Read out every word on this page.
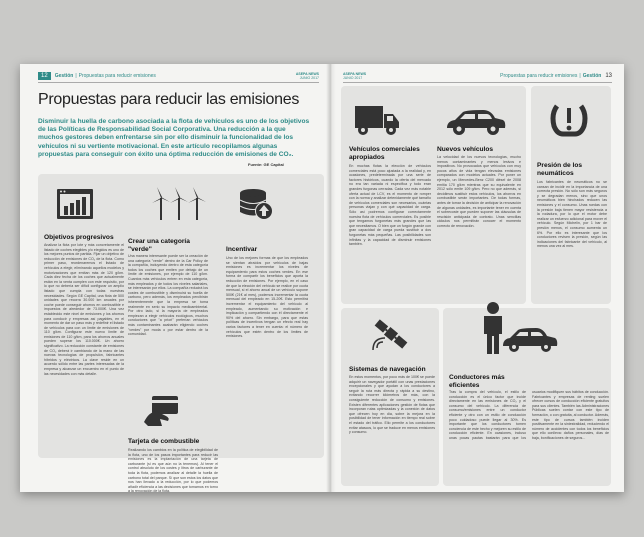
12	Gestión | Propuestas para reducir emisiones	ASEPA NEWS
JUNIO 2017
Propuestas para reducir las emisiones
Disminuir la huella de carbono asociada a la flota de vehículos es uno de los objetivos de las Políticas de Responsabilidad Social Corporativa. Una reducción a la que muchos gestores deben enfrentarse sin por ello disminuir la funcionalidad de los vehículos ni su vertiente motivacional. En este artículo recopilamos algunas propuestas para conseguir con éxito una óptima reducción de emisiones de CO₂.
Fuente: GE Capital
Objetivos progresivos
Analizar la flota por lote y más concretamente el listado de coches elegibles y/o elegidos es uno de los mejores puntos de partida. Fijar un objetivo de reducción de emisiones de CO₂ de la flota. Como primer paso, reordenaremos el listado de vehículos a elegir, eliminando aquellos modelos y motorizaciones que emitan más de 120 g/km. Cada diez fecha de los coches que actualmente están en la venta cumplen con este requisito, por lo que no debería ser difícil configurar un amplio listado que cumpla con todas nuestras necesidades. Según GE Capital, una flota de 500 unidades que recorra 30.000 km anuales por coche puede conseguir ahorros en combustible e impuestos de alrededor de 73.000€. Una vez establecido este nivel de emisiones y los ahorros para conducir y empresas así pagables, en el momento de dar un paso más y redefinir el listado de vehículos para con un límite de emisiones de 110 g/km. Configurar este nuevo límite de emisiones de 110 g/km, para los ahorros anuales pueden superar los 110.000€. Un ahorro significativo. La reducción constante de emisiones de CO₂ deberá ir cambiando de la mano de las nuevas tecnologías de propulsión, fabricantes híbridos y eléctricos. La clave reside en un acuerdo sólido entre las partes interesadas de la empresa y alcanzar un encuentro en el punto de las necesidades con más detalle.
Crear una categoría "verde"
Una manera interesante puede ser la creación de una categoría "verde" dentro de la Car Policy de la compañía, incluyendo dentro de esta categoría todos los coches que emiten por debajo de un límite de emisiones, por ejemplo de 110 g/km. Cuantos más vehículos entren en esta categoría, más empleados y de todos los niveles salariales, se interesarán por ellos. La compañía reducirá los costes de combustible y disminuirá su huella de carbono, pero además, los empleados percibirán inherentemente que la empresa se toma realmente en serio su impacto medioambiental. Por otro lado, si la mayoría de empleados empiezan a elegir vehículos ecológicos, muchos conductores que "a priori" preferían vehículos más contaminantes acabarán eligiendo coches "verdes" por moda o por estar dentro de la comunidad.
Incentivar
Uno de los mejores formas de que los empleados se sientan atraídos por vehículos de bajas emisiones es incrementar los niveles de equipamiento para estos coches verdes. En ese forma de compartir los beneficios que aporta la reducción de emisiones. Por ejemplo, en el caso de que la elección del vehículo se realice por cuota mensual, si el ahorro anual de un vehículo supone 500€ (21€ al mes), podemos incrementar la cuota mensual del empleado en 15-20€. Esto permitirá incrementar el equipamiento del vehículo al empleado, aumentando su motivación e implicación y compartiendo con él directamente el 90% del ahorro. Sin embargo, para que estas políticas de incentivos tengan un efecto real hay varios factores a tener en cuenta: el número de vehículos que estén dentro de los límites de emisiones.
Tarjeta de combustible
Realizando los cambios en la política de elegibilidad de la flota, uno de los pasos importantes para reducir las emisiones es la implantación de una tarjeta de carburante (si es que aún no la tenemos). Al tener el control absoluto de los costes y litros de carburante de toda la flota, podemos analizar al detalle la huella de carbono total del parque. Sí que son estos los datos que nos han llevado a la reducción, por lo que podemos añadir eficiencia a las decisiones que tomamos en torno a la renovación de la flota.
ASEPA NEWS
JUNIO 2017	Propuestas para reducir emisiones | Gestión 13
Vehículos comerciales apropiados
En muchas flotas la elección de vehículos comerciales está poco ajustada a la realidad y, en ocasiones, predeterminada por una serie de factores históricos, cuando la oferta del mercado no era tan variada ni específica y todo eran grandes furgonas cerradas. Cada vez más notable oferta actual de LCV, es el momento de romper con la norma y analizar detenidamente qué tamaño de vehículos comerciales son necesarios, cuántas personas viajan y con qué capacidad de carga. Sólo así podremos configurar correctamente nuestra flota de vehículos comerciales. Es posible que tengamos furgonetas más grandes que las que necesitamos. O bien que un furgón grande con gran capacidad de carga pueda sustituir a dos furgonetas más pequeñas. Las posibilidades son infinitas y la capacidad de disminuir emisiones también.
Nuevos vehículos
La velocidad de los nuevos tecnologías, mucho menos contaminantes y menos lesivos e impositivos. No provocados que vehículos con muy pocos años de vida tengan elevadas emisiones comparados con modelos actuales. Por poner un ejemplo, un Mercedes-Benz C200 diésel de 2008 emitía 170 g/km mientras que su equivalente en 2012 sólo emite 109 g/km. Pero no que además, si decidimos sustituir estos vehículos, los ahorros en combustible serán importantes. De todas formas, antes de tomar la decisión de anticipar la renovación de algunas unidades, es importante tener en cuenta el sobrecoste que pueden suponer las cláusulas de rescisión anticipada de contrato. Unas sencillas cálculos nos permitirán conocer el momento correcto de renovación.
Presión de los neumáticos
Los fabricantes de neumáticos no se cansan de incidir en la importancia de una correcta presión. No sólo son más seguros y se degradan menos, sino que unos neumáticos bien hinchados reducen las emisiones y el consumo. Unas ruedas con la presión baja tienen mayor resistencia a la rodadura, por lo que el motor debe realizar un esfuerzo adicional para mover el vehículo. Según Michelin, por 1 bar de presión menos, el consumo aumenta un 6%. Por ello es interesante que los conductores revisen la presión, según las indicaciones del fabricante del vehículo, al menos una vez al mes.
Sistemas de navegación
En estos momentos, por poco más de 100€ se puede adquirir un navegador portátil con unas prestaciones excepcionales y que ayudan a los conductores a seguir la ruta más directa y rápida a su destino, evitando recorrer kilómetros de más, con la consiguiente reducción de consumo y emisiones. Existen diferentes aplicaciones gestión de flotas que incorporan rutas optimizadas y la conexión de datos que ofrecen hoy en día, sobre la mejora en la posibilidad de tener información en tiempo real sobre el estado del tráfico. Ello permite a los conductores evitar atascos, lo que se traduce en menos emisiones y consumo.
Conductores más eficientes
Tras la compra del vehículo, el estilo de conducción es el único factor que incide directamente en las emisiones de CO₂ y el consumo del vehículo. La diferencia de consumo/emisiones entre un conductor eficiente y otro con un estilo de conducción poco cuidadoso puede llegar al 30%. Es importante que los conductores tomen conciencia de este hecho y mejoren su estilo de conducción eficiente. En ocasiones, incluso unas pocas pautas bastarán para que los usuarios modifiquen sus hábitos de conducción. Fabricantes y empresas de renting suelen ofrecer cursos de conducción eficiente gratuitos para sus clientes. También las Administraciones Públicas suelen contar con este tipo de formación, o con gratuita, al conductor. Además, este tipo de cursos también inciden positivamente en la siniestralidad, reduciendo el número de accidentes con todos los beneficios que ello conlleva: daños personales, días de baja, bonificaciones de seguros...
